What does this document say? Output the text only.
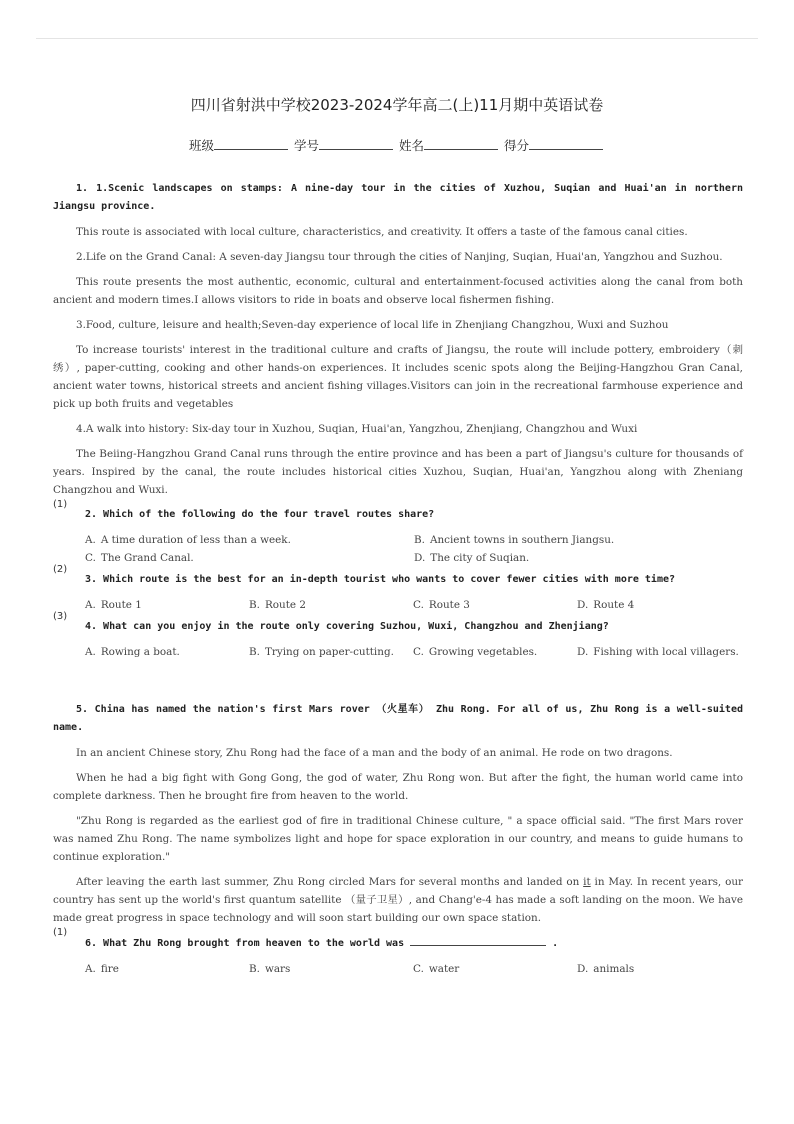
四川省射洪中学校2023-2024学年高二(上)11月期中英语试卷
班级	学号	姓名	得分
1. 1.Scenic landscapes on stamps: A nine-day tour in the cities of Xuzhou, Suqian and Huai'an in northern Jiangsu province.
This route is associated with local culture, characteristics, and creativity. It offers a taste of the famous canal cities.
2.Life on the Grand Canal: A seven-day Jiangsu tour through the cities of Nanjing, Suqian, Huai'an, Yangzhou and Suzhou.
This route presents the most authentic, economic, cultural and entertainment-focused activities along the canal from both ancient and modern times.I allows visitors to ride in boats and observe local fishermen fishing.
3.Food, culture, leisure and health;Seven-day experience of local life in Zhenjiang Changzhou, Wuxi and Suzhou
To increase tourists' interest in the traditional culture and crafts of Jiangsu, the route will include pottery, embroidery（刺绣）, paper-cutting, cooking and other hands-on experiences. It includes scenic spots along the Beijing-Hangzhou Gran Canal, ancient water towns, historical streets and ancient fishing villages.Visitors can join in the recreational farmhouse experience and pick up both fruits and vegetables
4.A walk into history: Six-day tour in Xuzhou, Suqian, Huai'an, Yangzhou, Zhenjiang, Changzhou and Wuxi
The Beiing-Hangzhou Grand Canal runs through the entire province and has been a part of Jiangsu's culture for thousands of years. Inspired by the canal, the route includes historical cities Xuzhou, Suqian, Huai'an, Yangzhou along with Zheniang Changzhou and Wuxi.
(1)
2. Which of the following do the four travel routes share?
A. A time duration of less than a week.	B. Ancient towns in southern Jiangsu.
C. The Grand Canal.	D. The city of Suqian.
(2)
3. Which route is the best for an in-depth tourist who wants to cover fewer cities with more time?
A. Route 1	B. Route 2	C. Route 3	D. Route 4
(3)
4. What can you enjoy in the route only covering Suzhou, Wuxi, Changzhou and Zhenjiang?
A. Rowing a boat.	B. Trying on paper-cutting. C. Growing vegetables.	D. Fishing with local villagers.
5. China has named the nation's first Mars rover （火星车） Zhu Rong. For all of us, Zhu Rong is a well-suited name.
In an ancient Chinese story, Zhu Rong had the face of a man and the body of an animal. He rode on two dragons.
When he had a big fight with Gong Gong, the god of water, Zhu Rong won. But after the fight, the human world came into complete darkness. Then he brought fire from heaven to the world.
"Zhu Rong is regarded as the earliest god of fire in traditional Chinese culture, " a space official said. "The first Mars rover was named Zhu Rong. The name symbolizes light and hope for space exploration in our country, and means to guide humans to continue exploration."
After leaving the earth last summer, Zhu Rong circled Mars for several months and landed on it in May. In recent years, our country has sent up the world's first quantum satellite （量子卫星）, and Chang'e-4 has made a soft landing on the moon. We have made great progress in space technology and will soon start building our own space station.
(1)
6. What Zhu Rong brought from heaven to the world was	.
A. fire	B. wars	C. water	D. animals
